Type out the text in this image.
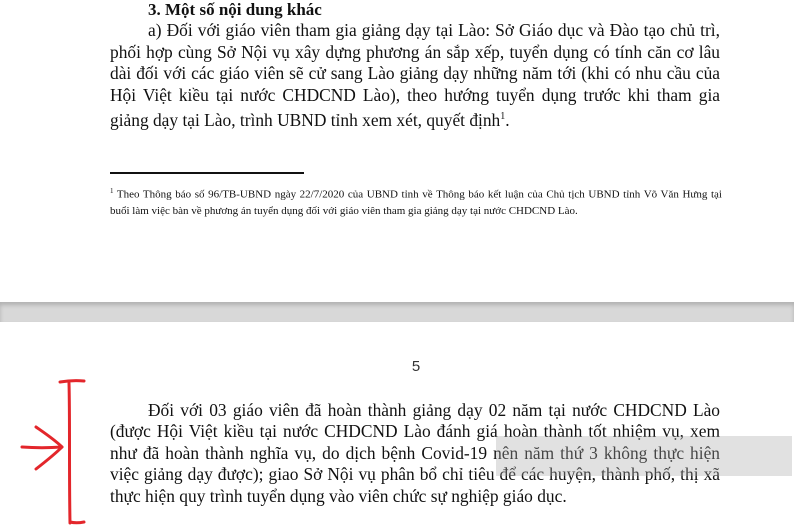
3. Một số nội dung khác

a) Đối với giáo viên tham gia giảng dạy tại Lào: Sở Giáo dục và Đào tạo chủ trì, phối hợp cùng Sở Nội vụ xây dựng phương án sắp xếp, tuyển dụng có tính căn cơ lâu dài đối với các giáo viên sẽ cử sang Lào giảng dạy những năm tới (khi có nhu cầu của Hội Việt kiều tại nước CHDCND Lào), theo hướng tuyển dụng trước khi tham gia giảng dạy tại Lào, trình UBND tỉnh xem xét, quyết định$^1$.

$^1$ Theo Thông báo số 96/TB-UBND ngày 22/7/2020 của UBND tỉnh về Thông báo kết luận của Chủ tịch UBND tỉnh Võ Văn Hưng tại buổi làm việc bàn về phương án tuyển dụng đối với giáo viên tham gia giảng dạy tại nước CHDCND Lào.

5

Đối với 03 giáo viên đã hoàn thành giảng dạy 02 năm tại nước CHDCND Lào (được Hội Việt kiều tại nước CHDCND Lào đánh giá hoàn thành tốt nhiệm vụ, xem như đã hoàn thành nghĩa vụ, do dịch bệnh Covid-19 nên năm thứ 3 không thực hiện việc giảng dạy được); giao Sở Nội vụ phân bổ chỉ tiêu để các huyện, thành phố, thị xã thực hiện quy trình tuyển dụng vào viên chức sự nghiệp giáo dục.
